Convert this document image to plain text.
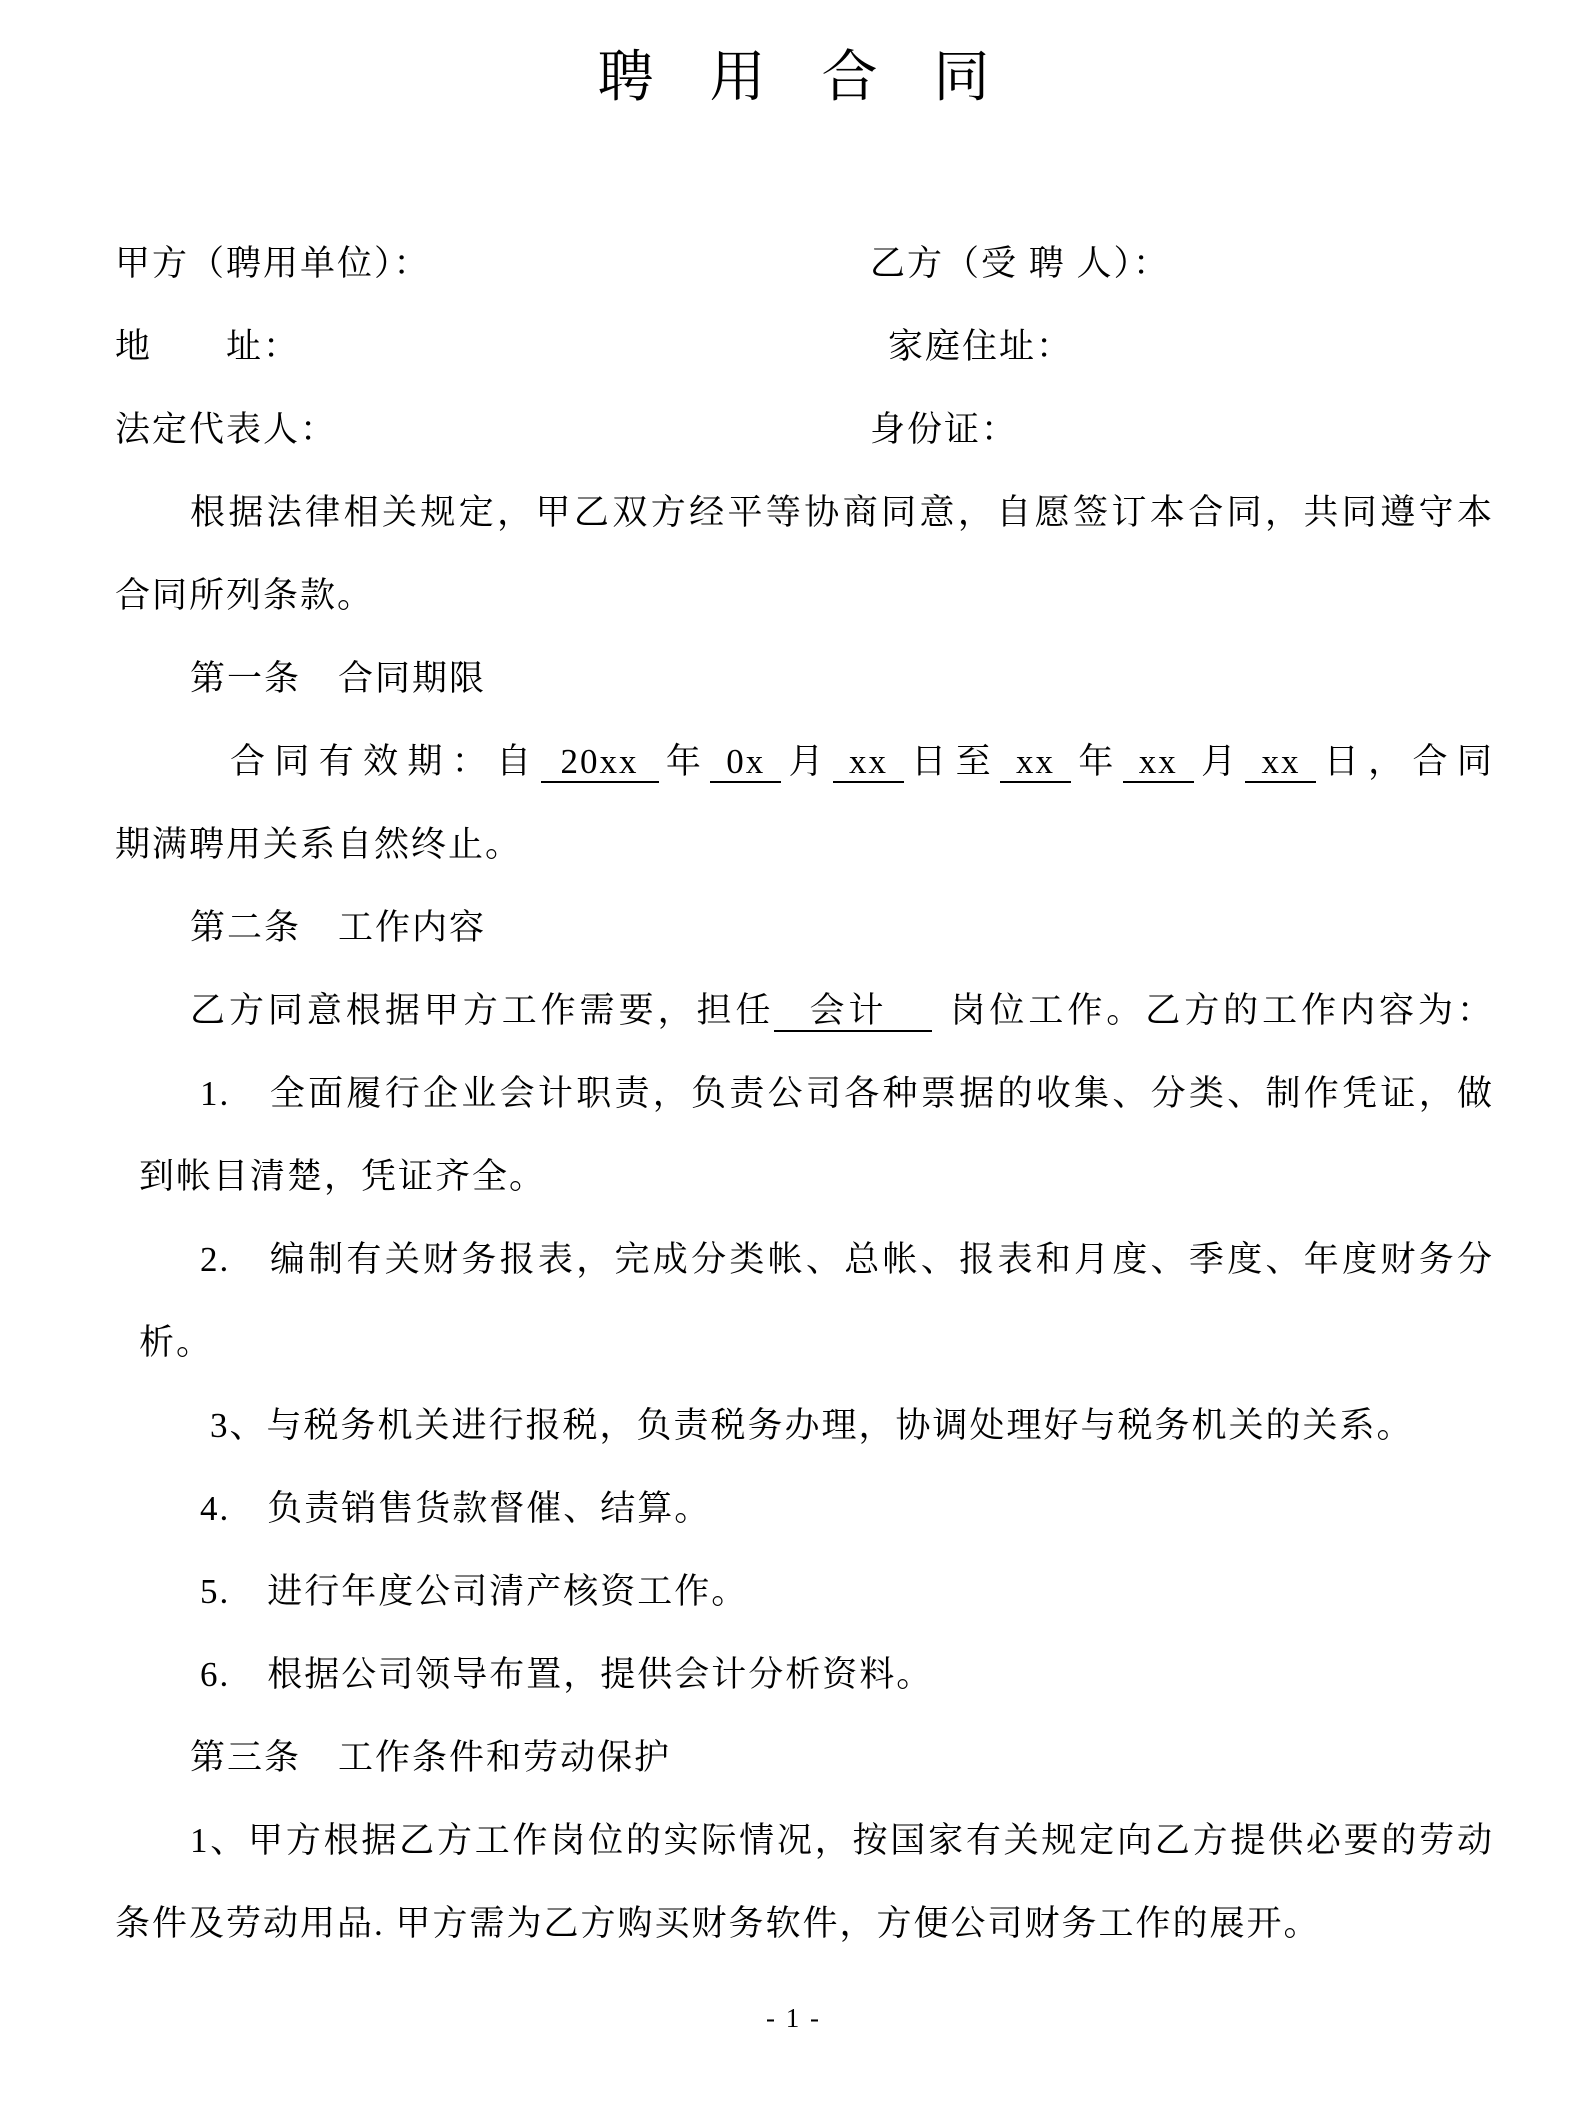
聘　用　合　同
甲方（聘用单位）：	乙方（受 聘 人）：
地　　址：	家庭住址：
法定代表人：	身份证：
根据法律相关规定，甲乙双方经平等协商同意，自愿签订本合同，共同遵守本
合同所列条款。
第一条　合同期限
合同有效期：自 20xx 年 0x 月 xx 日至 xx 年 xx 月 xx 日，合同
期满聘用关系自然终止。
第二条　工作内容
乙方同意根据甲方工作需要，担任 会计 岗位工作。乙方的工作内容为：
1.　全面履行企业会计职责，负责公司各种票据的收集、分类、制作凭证，做
到帐目清楚，凭证齐全。
2.　编制有关财务报表，完成分类帐、总帐、报表和月度、季度、年度财务分
析。
3、与税务机关进行报税，负责税务办理，协调处理好与税务机关的关系。
4.　负责销售货款督催、结算。
5.　进行年度公司清产核资工作。
6.　根据公司领导布置，提供会计分析资料。
第三条　工作条件和劳动保护
1、甲方根据乙方工作岗位的实际情况，按国家有关规定向乙方提供必要的劳动
条件及劳动用品. 甲方需为乙方购买财务软件，方便公司财务工作的展开。
- 1 -
